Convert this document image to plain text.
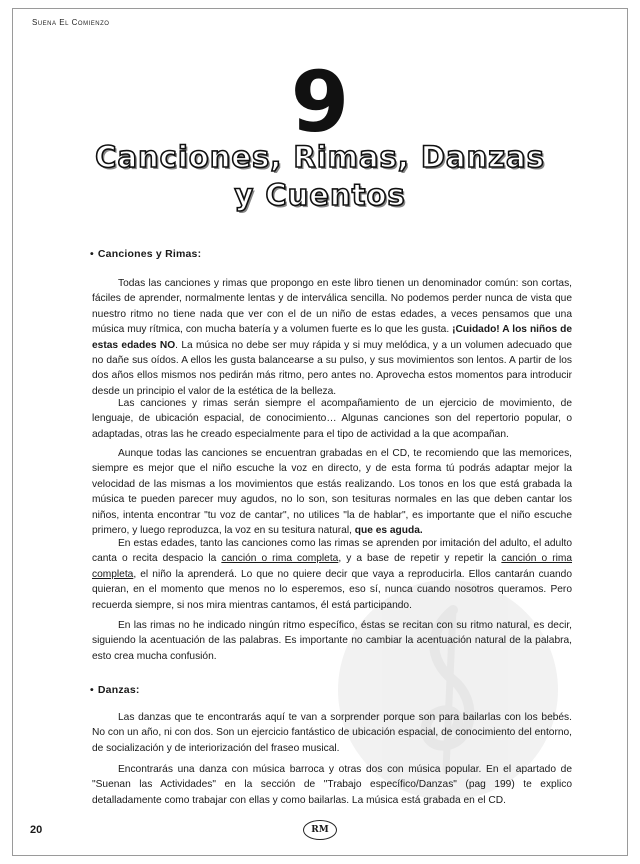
Suena El Comienzo
9
Canciones, Rimas, Danzas
y Cuentos
• Canciones y Rimas:

Todas las canciones y rimas que propongo en este libro tienen un denominador común: son cortas, fáciles de aprender, normalmente lentas y de interválica sencilla. No podemos perder nunca de vista que nuestro ritmo no tiene nada que ver con el de un niño de estas edades, a veces pensamos que una música muy rítmica, con mucha batería y a volumen fuerte es lo que les gusta. ¡Cuidado! A los niños de estas edades NO. La música no debe ser muy rápida y si muy melódica, y a un volumen adecuado que no dañe sus oídos. A ellos les gusta balancearse a su pulso, y sus movimientos son lentos. A partir de los dos años ellos mismos nos pedirán más ritmo, pero antes no. Aprovecha estos momentos para introducir desde un principio el valor de la estética de la belleza.

Las canciones y rimas serán siempre el acompañamiento de un ejercicio de movimiento, de lenguaje, de ubicación espacial, de conocimiento… Algunas canciones son del repertorio popular, o adaptadas, otras las he creado especialmente para el tipo de actividad a la que acompañan.

Aunque todas las canciones se encuentran grabadas en el CD, te recomiendo que las memorices, siempre es mejor que el niño escuche la voz en directo, y de esta forma tú podrás adaptar mejor la velocidad de las mismas a los movimientos que estás realizando. Los tonos en los que está grabada la música te pueden parecer muy agudos, no lo son, son tesituras normales en las que deben cantar los niños, intenta encontrar "tu voz de cantar", no utilices "la de hablar", es importante que el niño escuche primero, y luego reproduzca, la voz en su tesitura natural, que es aguda.

En estas edades, tanto las canciones como las rimas se aprenden por imitación del adulto, el adulto canta o recita despacio la canción o rima completa, y a base de repetir y repetir la canción o rima completa, el niño la aprenderá. Lo que no quiere decir que vaya a reproducirla. Ellos cantarán cuando quieran, en el momento que menos no lo esperemos, eso sí, nunca cuando nosotros queramos. Pero recuerda siempre, si nos mira mientras cantamos, él está participando.

En las rimas no he indicado ningún ritmo específico, éstas se recitan con su ritmo natural, es decir, siguiendo la acentuación de las palabras. Es importante no cambiar la acentuación natural de la palabra, esto crea mucha confusión.

• Danzas:

Las danzas que te encontrarás aquí te van a sorprender porque son para bailarlas con los bebés. No con un año, ni con dos. Son un ejercicio fantástico de ubicación espacial, de conocimiento del entorno, de socialización y de interiorización del fraseo musical.

Encontrarás una danza con música barroca y otras dos con música popular. En el apartado de "Suenan las Actividades" en la sección de "Trabajo específico/Danzas" (pag 199) te explico detalladamente como trabajar con ellas y como bailarlas. La música está grabada en el CD.

20	RM
